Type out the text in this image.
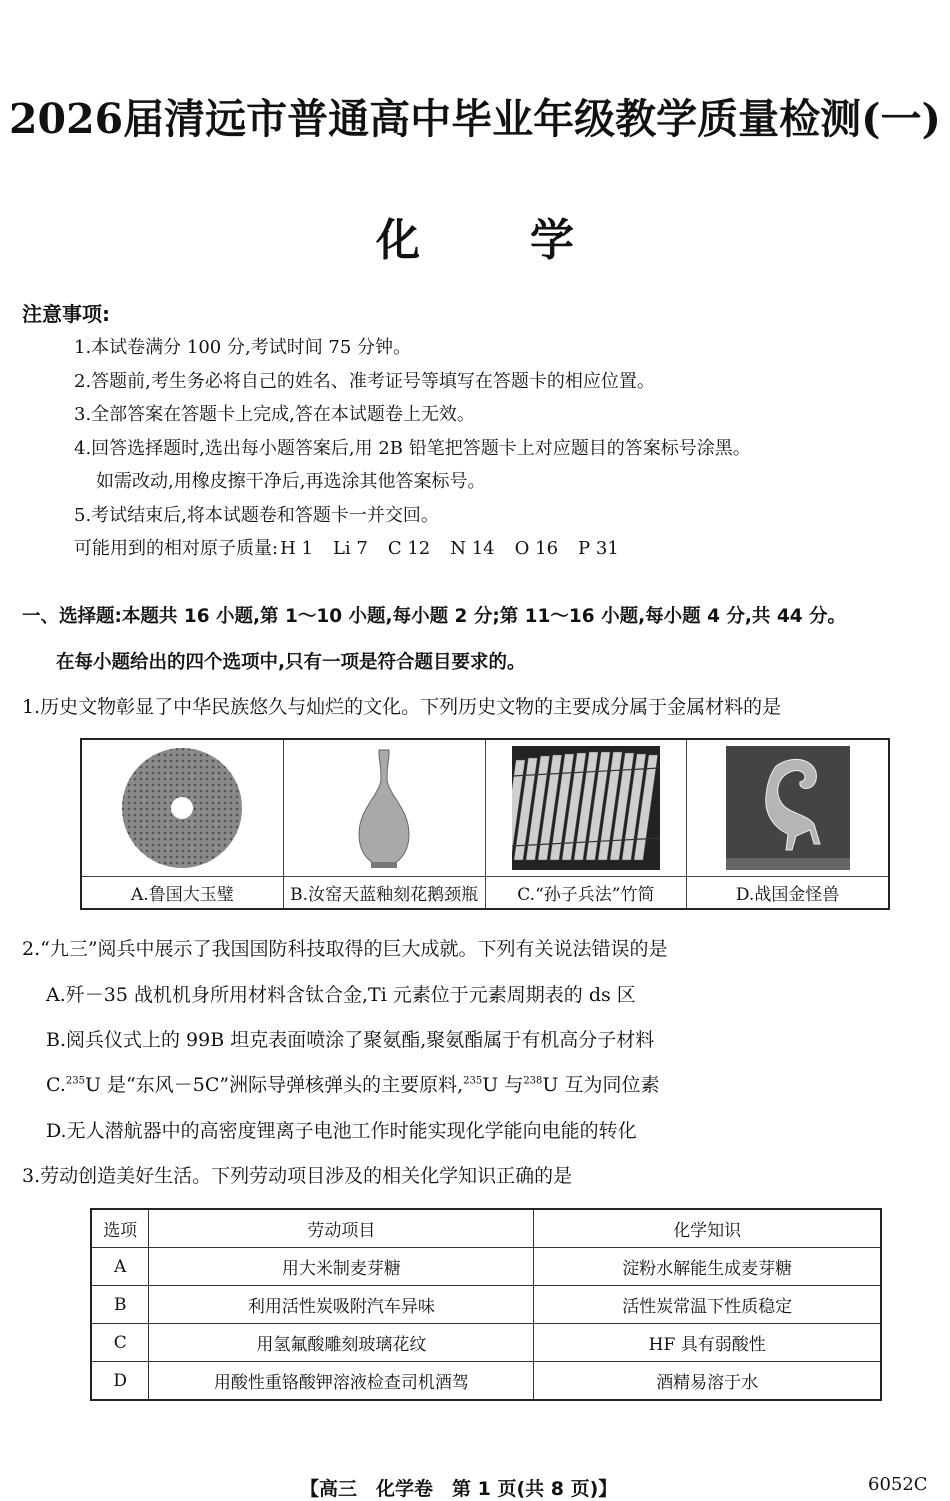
2026届清远市普通高中毕业年级教学质量检测(一)
化学
注意事项:
1.本试卷满分 100 分,考试时间 75 分钟。
2.答题前,考生务必将自己的姓名、准考证号等填写在答题卡的相应位置。
3.全部答案在答题卡上完成,答在本试题卷上无效。
4.回答选择题时,选出每小题答案后,用 2B 铅笔把答题卡上对应题目的答案标号涂黑。
如需改动,用橡皮擦干净后,再选涂其他答案标号。
5.考试结束后,将本试题卷和答题卡一并交回。
可能用到的相对原子质量: H 1 Li 7 C 12 N 14 O 16 P 31
一、选择题:本题共 16 小题,第 1～10 小题,每小题 2 分;第 11～16 小题,每小题 4 分,共 44 分。
在每小题给出的四个选项中,只有一项是符合题目要求的。
1.历史文物彰显了中华民族悠久与灿烂的文化。下列历史文物的主要成分属于金属材料的是
A.鲁国大玉璧	B.汝窑天蓝釉刻花鹅颈瓶	C.“孙子兵法”竹简	D.战国金怪兽
2.“九三”阅兵中展示了我国国防科技取得的巨大成就。下列有关说法错误的是
A.歼－35 战机机身所用材料含钛合金,Ti 元素位于元素周期表的 ds 区
B.阅兵仪式上的 99B 坦克表面喷涂了聚氨酯,聚氨酯属于有机高分子材料
C.$^{235}$U 是“东风－5C”洲际导弹核弹头的主要原料,$^{235}$U 与$^{238}$U 互为同位素
D.无人潜航器中的高密度锂离子电池工作时能实现化学能向电能的转化
3.劳动创造美好生活。下列劳动项目涉及的相关化学知识正确的是
选项	劳动项目	化学知识
A	用大米制麦芽糖	淀粉水解能生成麦芽糖
B	利用活性炭吸附汽车异味	活性炭常温下性质稳定
C	用氢氟酸雕刻玻璃花纹	HF 具有弱酸性
D	用酸性重铬酸钾溶液检查司机酒驾	酒精易溶于水
【高三　化学卷　第 1 页(共 8 页)】	6052C
